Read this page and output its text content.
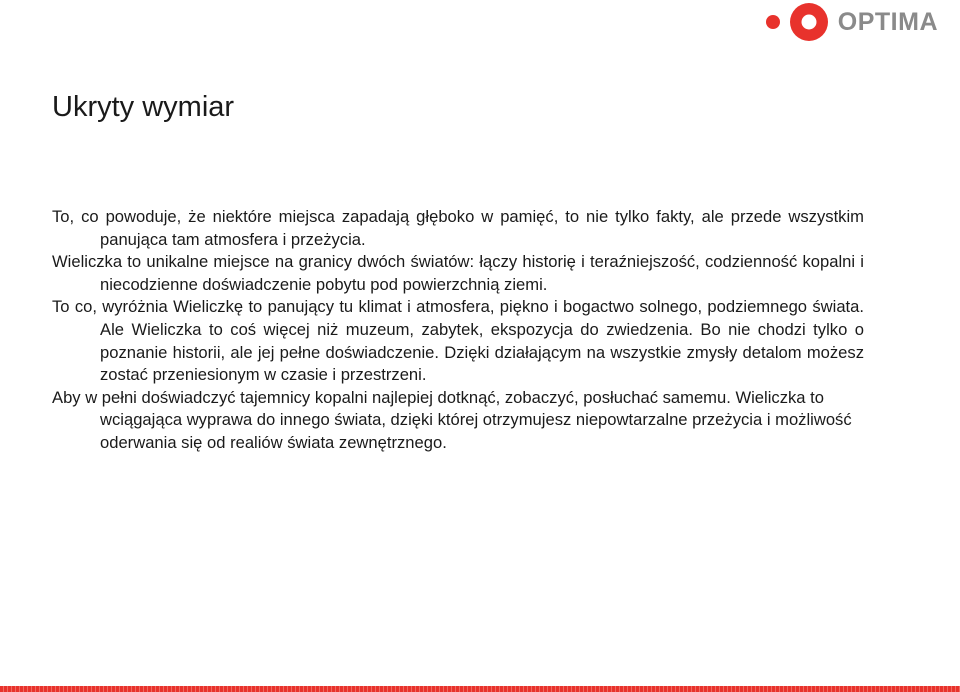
OPTIMA
Ukryty wymiar

To, co powoduje, że niektóre miejsca zapadają głęboko w pamięć, to nie tylko fakty, ale przede wszystkim panująca tam atmosfera i przeżycia.

Wieliczka to unikalne miejsce na granicy dwóch światów: łączy historię i teraźniejszość, codzienność kopalni i niecodzienne doświadczenie pobytu pod powierzchnią ziemi.

To co, wyróżnia Wieliczkę to panujący tu klimat i atmosfera, piękno i bogactwo solnego, podziemnego świata. Ale Wieliczka to coś więcej niż muzeum, zabytek, ekspozycja do zwiedzenia. Bo nie chodzi tylko o poznanie historii, ale jej pełne doświadczenie. Dzięki działającym na wszystkie zmysły detalom możesz zostać przeniesionym w czasie i przestrzeni.

Aby w pełni doświadczyć tajemnicy kopalni najlepiej dotknąć, zobaczyć, posłuchać samemu. Wieliczka to wciągająca wyprawa do innego świata, dzięki której otrzymujesz niepowtarzalne przeżycia i możliwość oderwania się od realiów świata zewnętrznego.
